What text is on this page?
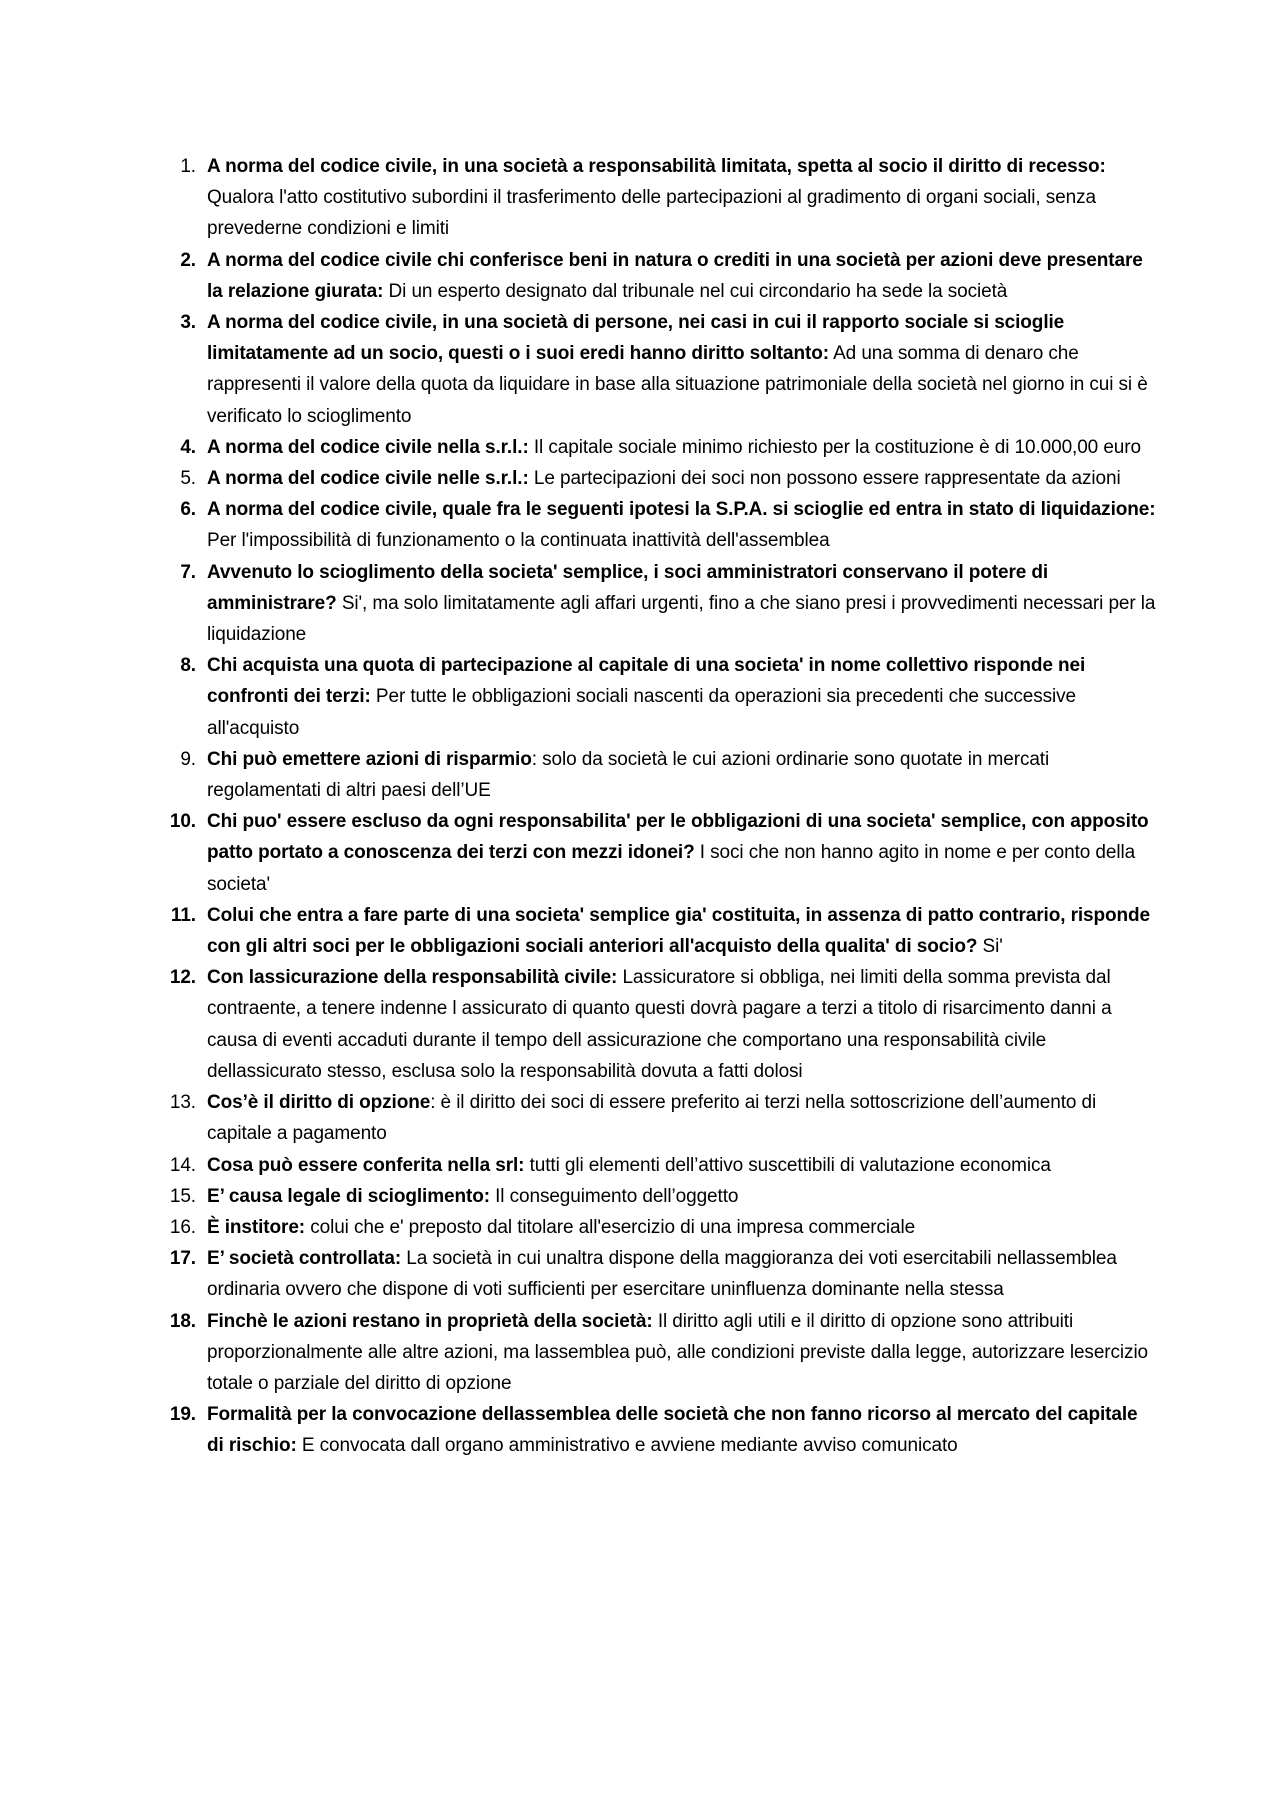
1. A norma del codice civile, in una società a responsabilità limitata, spetta al socio il diritto di recesso: Qualora l'atto costitutivo subordini il trasferimento delle partecipazioni al gradimento di organi sociali, senza prevederne condizioni e limiti
2. A norma del codice civile chi conferisce beni in natura o crediti in una società per azioni deve presentare la relazione giurata: Di un esperto designato dal tribunale nel cui circondario ha sede la società
3. A norma del codice civile, in una società di persone, nei casi in cui il rapporto sociale si scioglie limitatamente ad un socio, questi o i suoi eredi hanno diritto soltanto: Ad una somma di denaro che rappresenti il valore della quota da liquidare in base alla situazione patrimoniale della società nel giorno in cui si è verificato lo scioglimento
4. A norma del codice civile nella s.r.l.: Il capitale sociale minimo richiesto per la costituzione è di 10.000,00 euro
5. A norma del codice civile nelle s.r.l.: Le partecipazioni dei soci non possono essere rappresentate da azioni
6. A norma del codice civile, quale fra le seguenti ipotesi la S.P.A. si scioglie ed entra in stato di liquidazione: Per l'impossibilità di funzionamento o la continuata inattività dell'assemblea
7. Avvenuto lo scioglimento della societa' semplice, i soci amministratori conservano il potere di amministrare? Si', ma solo limitatamente agli affari urgenti, fino a che siano presi i provvedimenti necessari per la liquidazione
8. Chi acquista una quota di partecipazione al capitale di una societa' in nome collettivo risponde nei confronti dei terzi: Per tutte le obbligazioni sociali nascenti da operazioni sia precedenti che successive all'acquisto
9. Chi può emettere azioni di risparmio: solo da società le cui azioni ordinarie sono quotate in mercati regolamentati di altri paesi dell’UE
10. Chi puo' essere escluso da ogni responsabilita' per le obbligazioni di una societa' semplice, con apposito patto portato a conoscenza dei terzi con mezzi idonei? I soci che non hanno agito in nome e per conto della societa'
11. Colui che entra a fare parte di una societa' semplice gia' costituita, in assenza di patto contrario, risponde con gli altri soci per le obbligazioni sociali anteriori all'acquisto della qualita' di socio? Si'
12. Con lassicurazione della responsabilità civile: Lassicuratore si obbliga, nei limiti della somma prevista dal contraente, a tenere indenne l assicurato di quanto questi dovrà pagare a terzi a titolo di risarcimento danni a causa di eventi accaduti durante il tempo dell assicurazione che comportano una responsabilità civile dellassicurato stesso, esclusa solo la responsabilità dovuta a fatti dolosi
13. Cos’è il diritto di opzione: è il diritto dei soci di essere preferito ai terzi nella sottoscrizione dell’aumento di capitale a pagamento
14. Cosa può essere conferita nella srl: tutti gli elementi dell’attivo suscettibili di valutazione economica
15. E’ causa legale di scioglimento: Il conseguimento dell’oggetto
16. È institore: colui che e' preposto dal titolare all'esercizio di una impresa commerciale
17. E’ società controllata: La società in cui unaltra dispone della maggioranza dei voti esercitabili nellassemblea ordinaria ovvero che dispone di voti sufficienti per esercitare uninfluenza dominante nella stessa
18. Finchè le azioni restano in proprietà della società: Il diritto agli utili e il diritto di opzione sono attribuiti proporzionalmente alle altre azioni, ma lassemblea può, alle condizioni previste dalla legge, autorizzare lesercizio totale o parziale del diritto di opzione
19. Formalità per la convocazione dellassemblea delle società che non fanno ricorso al mercato del capitale di rischio: E convocata dall organo amministrativo e avviene mediante avviso comunicato
